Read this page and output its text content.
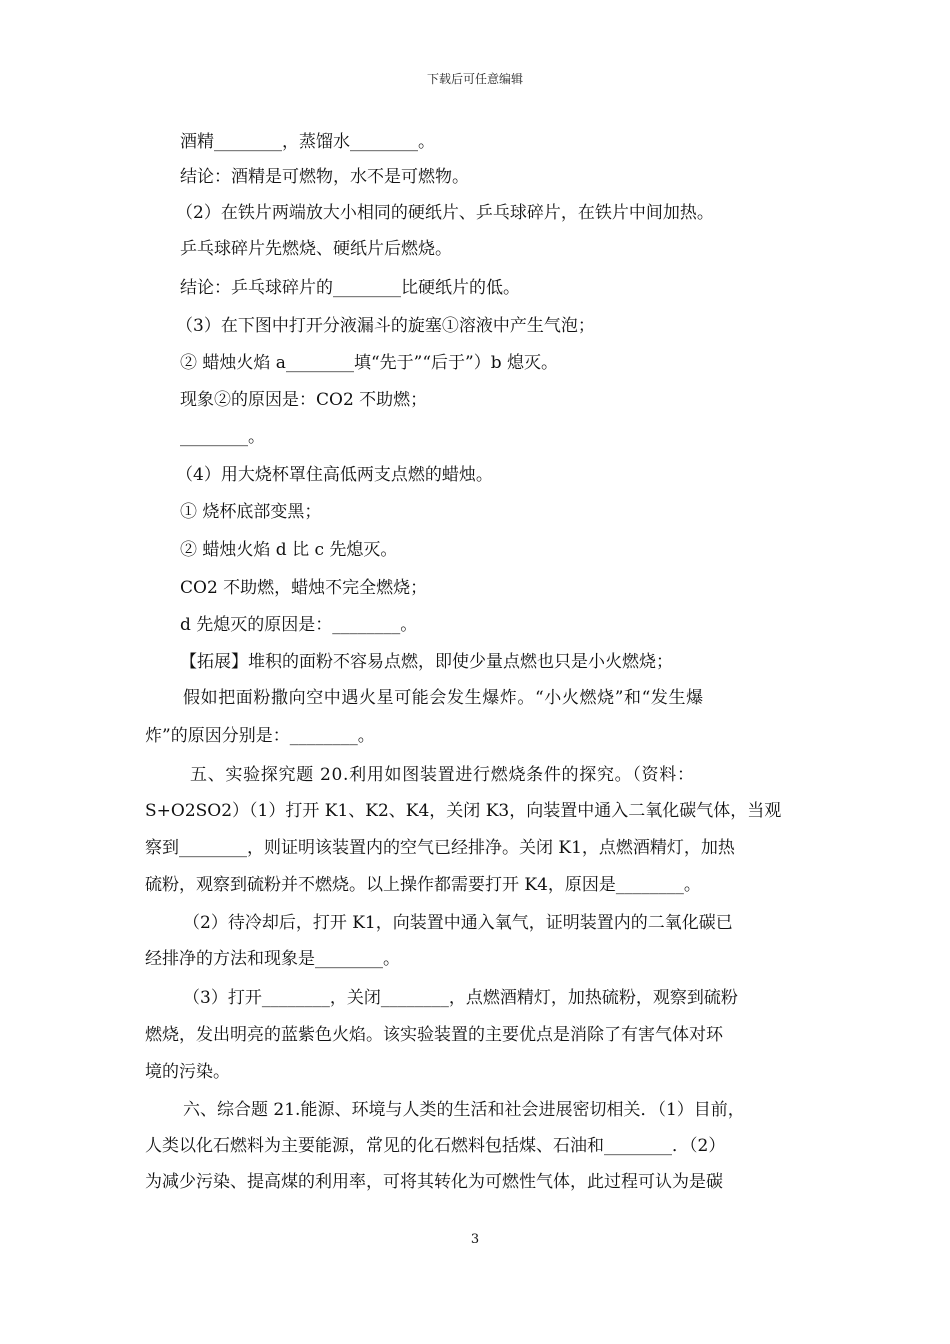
下载后可任意编辑
酒精________，蒸馏水________。
结论：酒精是可燃物，水不是可燃物。
（2）在铁片两端放大小相同的硬纸片、乒乓球碎片，在铁片中间加热。
乒乓球碎片先燃烧、硬纸片后燃烧。
结论：乒乓球碎片的________比硬纸片的低。
（3）在下图中打开分液漏斗的旋塞①溶液中产生气泡；
② 蜡烛火焰 a________填“先于”“后于”）b 熄灭。
现象②的原因是：CO2 不助燃；
________。
（4）用大烧杯罩住高低两支点燃的蜡烛。
① 烧杯底部变黑；
② 蜡烛火焰 d 比 c 先熄灭。
CO2 不助燃，蜡烛不完全燃烧；
d 先熄灭的原因是：________。
【拓展】堆积的面粉不容易点燃，即使少量点燃也只是小火燃烧；
假如把面粉撒向空中遇火星可能会发生爆炸。“小火燃烧”和“发生爆
炸”的原因分别是：________。
五、实验探究题 20.利用如图装置进行燃烧条件的探究。（资料：
S+O2SO2）（1）打开 K1、K2、K4，关闭 K3，向装置中通入二氧化碳气体，当观
察到________，则证明该装置内的空气已经排净。关闭 K1，点燃酒精灯，加热
硫粉，观察到硫粉并不燃烧。以上操作都需要打开 K4，原因是________。
（2）待冷却后，打开 K1，向装置中通入氧气，证明装置内的二氧化碳已
经排净的方法和现象是________。
（3）打开________，关闭________，点燃酒精灯，加热硫粉，观察到硫粉
燃烧，发出明亮的蓝紫色火焰。该实验装置的主要优点是消除了有害气体对环
境的污染。
六、综合题 21.能源、环境与人类的生活和社会进展密切相关．（1）目前，
人类以化石燃料为主要能源，常见的化石燃料包括煤、石油和________．（2）
为减少污染、提高煤的利用率，可将其转化为可燃性气体，此过程可认为是碳
3
